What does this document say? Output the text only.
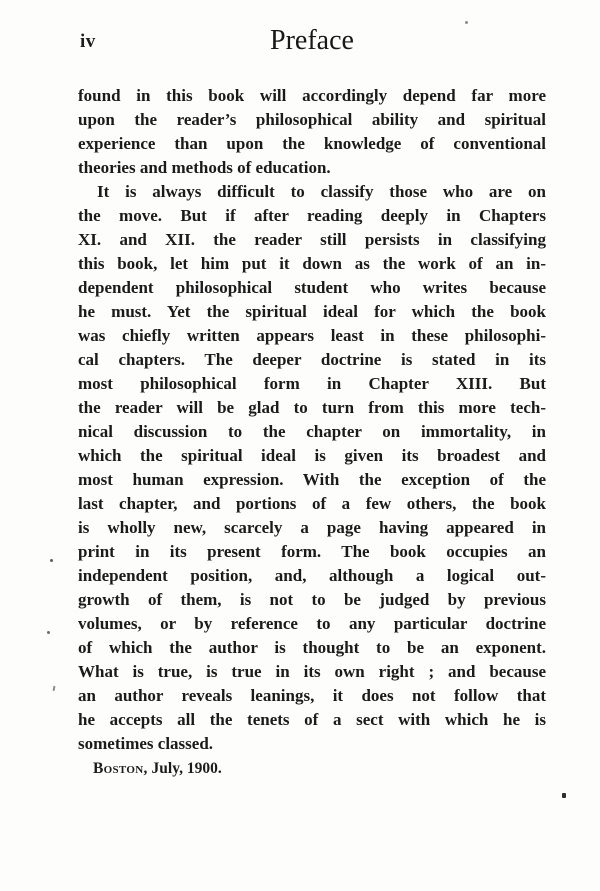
iv	Preface
found in this book will accordingly depend far more
upon the reader’s philosophical ability and spiritual
experience than upon the knowledge of conventional
theories and methods of education.
It is always difficult to classify those who are on
the move. But if after reading deeply in Chapters
XI. and XII. the reader still persists in classifying
this book, let him put it down as the work of an in-
dependent philosophical student who writes because
he must. Yet the spiritual ideal for which the book
was chiefly written appears least in these philosophi-
cal chapters. The deeper doctrine is stated in its
most philosophical form in Chapter XIII. But
the reader will be glad to turn from this more tech-
nical discussion to the chapter on immortality, in
which the spiritual ideal is given its broadest and
most human expression. With the exception of the
last chapter, and portions of a few others, the book
is wholly new, scarcely a page having appeared in
print in its present form. The book occupies an
independent position, and, although a logical out-
growth of them, is not to be judged by previous
volumes, or by reference to any particular doctrine
of which the author is thought to be an exponent.
What is true, is true in its own right ; and because
an author reveals leanings, it does not follow that
he accepts all the tenets of a sect with which he is
sometimes classed.
Boston, July, 1900.
